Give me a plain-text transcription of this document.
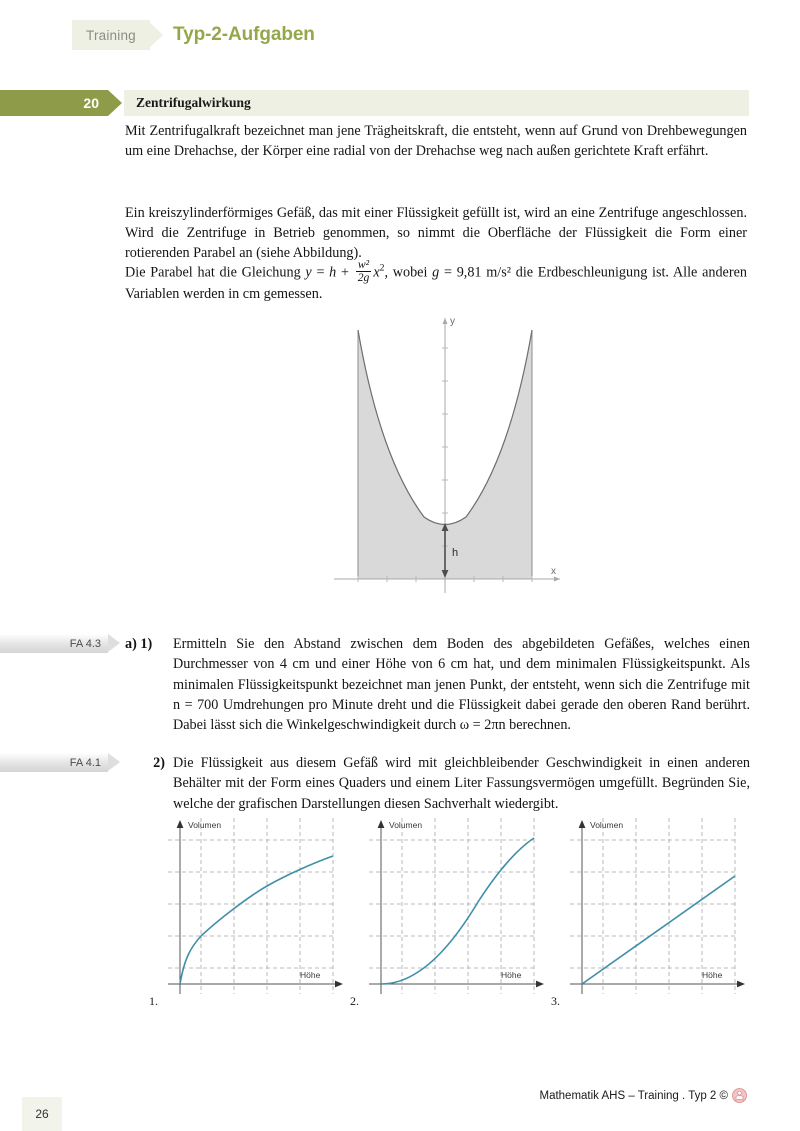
Training Typ-2-Aufgaben
20	Zentrifugalwirkung
Mit Zentrifugalkraft bezeichnet man jene Trägheitskraft, die entsteht, wenn auf Grund von Drehbewegungen um eine Drehachse, der Körper eine radial von der Drehachse weg nach außen gerichtete Kraft erfährt.
Ein kreiszylinderförmiges Gefäß, das mit einer Flüssigkeit gefüllt ist, wird an eine Zentrifuge angeschlossen. Wird die Zentrifuge in Betrieb genommen, so nimmt die Oberfläche der Flüssigkeit die Form einer rotierenden Parabel an (siehe Abbildung).
Die Parabel hat die Gleichung $y = h + \frac{\text{w²}}{2g} x^2$, wobei g = 9,81 m/s² die Erdbeschleunigung ist. Alle anderen Variablen werden in cm gemessen.
h
y
x
FA 4.3	a) 1)	Ermitteln Sie den Abstand zwischen dem Boden des abgebildeten Gefäßes, welches einen Durchmesser von 4 cm und einer Höhe von 6 cm hat, und dem minimalen Flüssigkeitspunkt. Als minimalen Flüssigkeitspunkt bezeichnet man jenen Punkt, der entsteht, wenn sich die Zentrifuge mit n = 700 Umdrehungen pro Minute dreht und die Flüssigkeit dabei gerade den oberen Rand berührt. Dabei lässt sich die Winkelgeschwindigkeit durch ω = 2πn berechnen.
FA 4.1	2) Die Flüssigkeit aus diesem Gefäß wird mit gleichbleibender Geschwindigkeit in einen anderen Behälter mit der Form eines Quaders und einem Liter Fassungsvermögen umgefüllt. Begründen Sie, welche der grafischen Darstellungen diesen Sachverhalt wiedergibt.
Volumen
Höhe
1.
Volumen
Höhe
2.
Volumen
Höhe
3.
Mathematik AHS – Training . Typ 2 ©
26
